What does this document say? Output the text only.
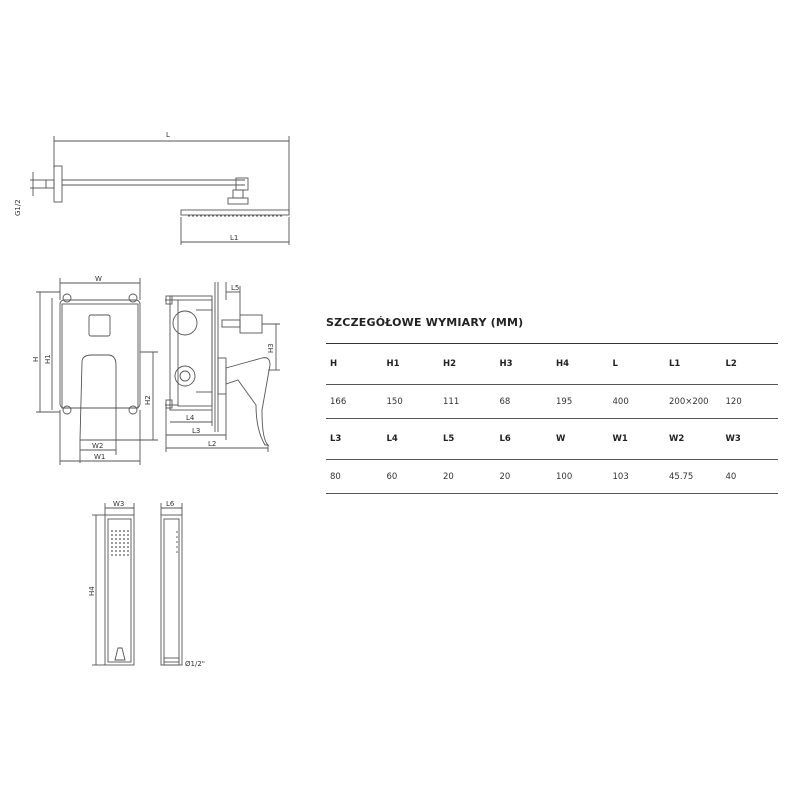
L
L1
G1/2
W
H H1
H2
W2
W1
L5
H3
L4
L3
L2
W3	L6
H4
Ø1/2"
SZCZEGÓŁOWE WYMIARY (MM)
H	H1	H2	H3	H4	L	L1	L2
166	150	111	68	195	400	200×200	120
L3	L4	L5	L6	W	W1	W2	W3
80	60	20	20	100	103	45.75	40
